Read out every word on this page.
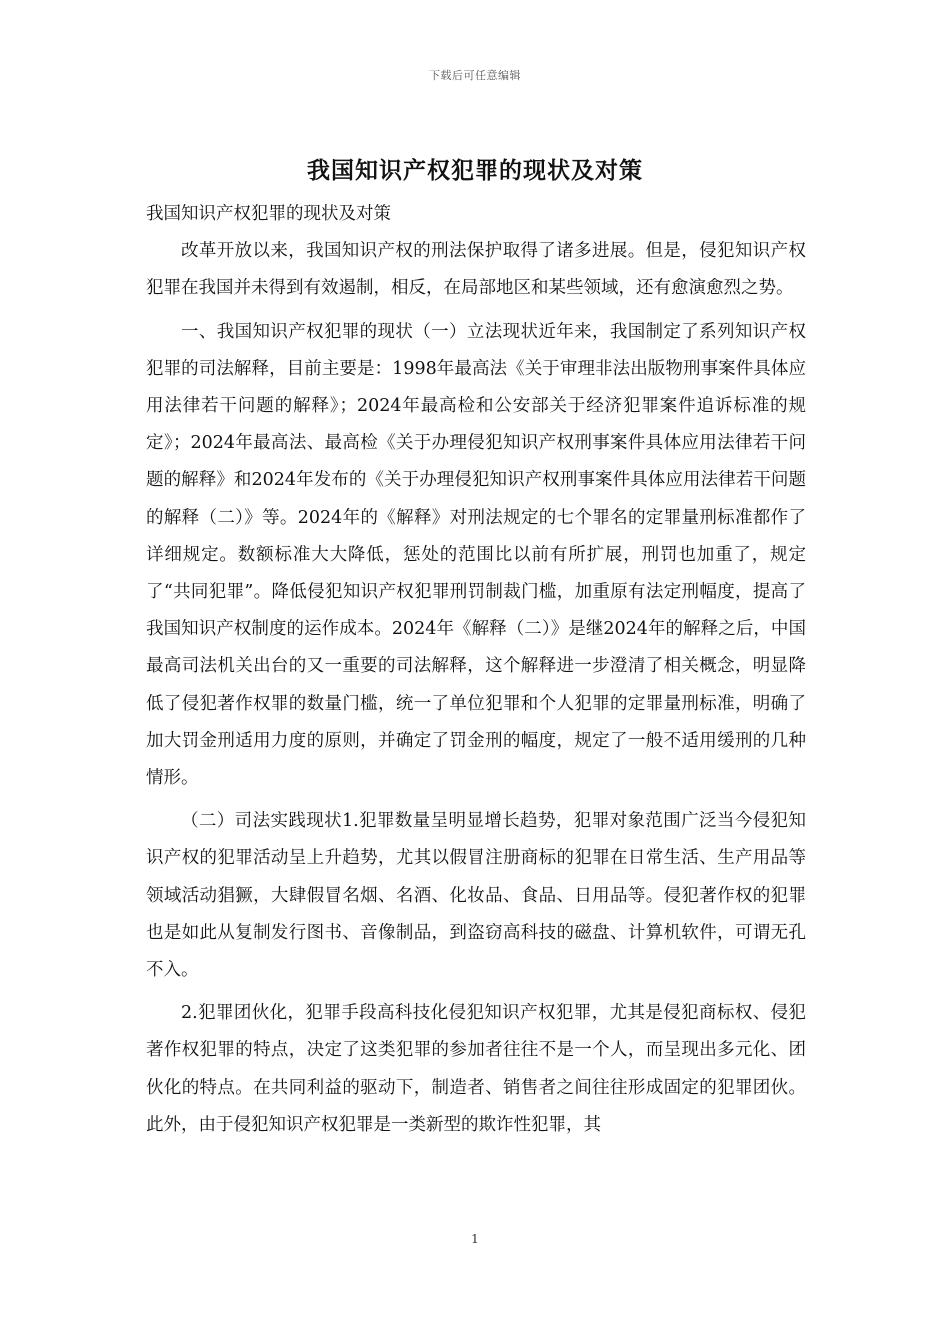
下载后可任意编辑
我国知识产权犯罪的现状及对策

我国知识产权犯罪的现状及对策

改革开放以来，我国知识产权的刑法保护取得了诸多进展。但是，侵犯知识产权犯罪在我国并未得到有效遏制，相反，在局部地区和某些领域，还有愈演愈烈之势。

一、我国知识产权犯罪的现状（一）立法现状近年来，我国制定了系列知识产权犯罪的司法解释，目前主要是：1998年最高法《关于审理非法出版物刑事案件具体应用法律若干问题的解释》；2024年最高检和公安部关于经济犯罪案件追诉标准的规定》；2024年最高法、最高检《关于办理侵犯知识产权刑事案件具体应用法律若干问题的解释》和2024年发布的《关于办理侵犯知识产权刑事案件具体应用法律若干问题的解释（二）》等。2024年的《解释》对刑法规定的七个罪名的定罪量刑标准都作了详细规定。数额标准大大降低，惩处的范围比以前有所扩展，刑罚也加重了，规定了“共同犯罪”。降低侵犯知识产权犯罪刑罚制裁门槛，加重原有法定刑幅度，提高了我国知识产权制度的运作成本。2024年《解释（二）》是继2024年的解释之后，中国最高司法机关出台的又一重要的司法解释，这个解释进一步澄清了相关概念，明显降低了侵犯著作权罪的数量门槛，统一了单位犯罪和个人犯罪的定罪量刑标准，明确了加大罚金刑适用力度的原则，并确定了罚金刑的幅度，规定了一般不适用缓刑的几种情形。

（二）司法实践现状1.犯罪数量呈明显增长趋势，犯罪对象范围广泛当今侵犯知识产权的犯罪活动呈上升趋势，尤其以假冒注册商标的犯罪在日常生活、生产用品等领域活动猖獗，大肆假冒名烟、名酒、化妆品、食品、日用品等。侵犯著作权的犯罪也是如此从复制发行图书、音像制品，到盗窃高科技的磁盘、计算机软件，可谓无孔不入。

2.犯罪团伙化，犯罪手段高科技化侵犯知识产权犯罪，尤其是侵犯商标权、侵犯著作权犯罪的特点，决定了这类犯罪的参加者往往不是一个人，而呈现出多元化、团伙化的特点。在共同利益的驱动下，制造者、销售者之间往往形成固定的犯罪团伙。此外，由于侵犯知识产权犯罪是一类新型的欺诈性犯罪，其

1
